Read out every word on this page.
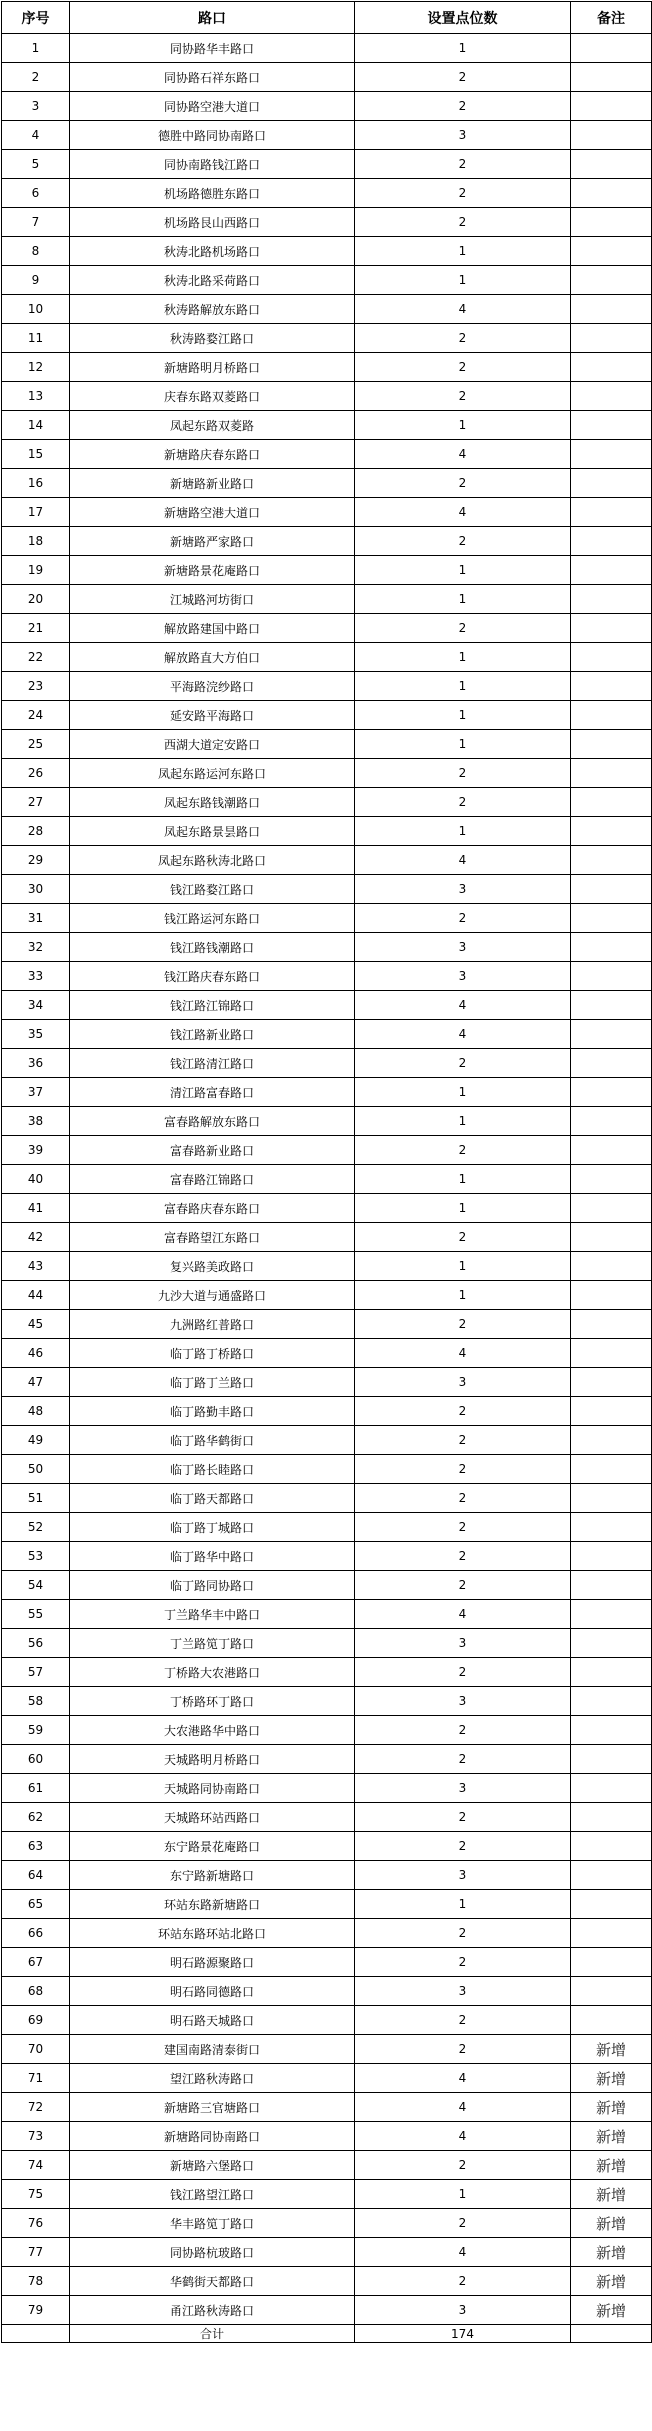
序号	路口	设置点位数	备注
1	同协路华丰路口	1	
2	同协路石祥东路口	2	
3	同协路空港大道口	2	
4	德胜中路同协南路口	3	
5	同协南路钱江路口	2	
6	机场路德胜东路口	2	
7	机场路艮山西路口	2	
8	秋涛北路机场路口	1	
9	秋涛北路采荷路口	1	
10	秋涛路解放东路口	4	
11	秋涛路婺江路口	2	
12	新塘路明月桥路口	2	
13	庆春东路双菱路口	2	
14	凤起东路双菱路	1	
15	新塘路庆春东路口	4	
16	新塘路新业路口	2	
17	新塘路空港大道口	4	
18	新塘路严家路口	2	
19	新塘路景花庵路口	1	
20	江城路河坊街口	1	
21	解放路建国中路口	2	
22	解放路直大方伯口	1	
23	平海路浣纱路口	1	
24	延安路平海路口	1	
25	西湖大道定安路口	1	
26	凤起东路运河东路口	2	
27	凤起东路钱潮路口	2	
28	凤起东路景昙路口	1	
29	凤起东路秋涛北路口	4	
30	钱江路婺江路口	3	
31	钱江路运河东路口	2	
32	钱江路钱潮路口	3	
33	钱江路庆春东路口	3	
34	钱江路江锦路口	4	
35	钱江路新业路口	4	
36	钱江路清江路口	2	
37	清江路富春路口	1	
38	富春路解放东路口	1	
39	富春路新业路口	2	
40	富春路江锦路口	1	
41	富春路庆春东路口	1	
42	富春路望江东路口	2	
43	复兴路美政路口	1	
44	九沙大道与通盛路口	1	
45	九洲路红普路口	2	
46	临丁路丁桥路口	4	
47	临丁路丁兰路口	3	
48	临丁路勤丰路口	2	
49	临丁路华鹤街口	2	
50	临丁路长睦路口	2	
51	临丁路天都路口	2	
52	临丁路丁城路口	2	
53	临丁路华中路口	2	
54	临丁路同协路口	2	
55	丁兰路华丰中路口	4	
56	丁兰路笕丁路口	3	
57	丁桥路大农港路口	2	
58	丁桥路环丁路口	3	
59	大农港路华中路口	2	
60	天城路明月桥路口	2	
61	天城路同协南路口	3	
62	天城路环站西路口	2	
63	东宁路景花庵路口	2	
64	东宁路新塘路口	3	
65	环站东路新塘路口	1	
66	环站东路环站北路口	2	
67	明石路源聚路口	2	
68	明石路同德路口	3	
69	明石路天城路口	2	
70	建国南路清泰街口	2	新增
71	望江路秋涛路口	4	新增
72	新塘路三官塘路口	4	新增
73	新塘路同协南路口	4	新增
74	新塘路六堡路口	2	新增
75	钱江路望江路口	1	新增
76	华丰路笕丁路口	2	新增
77	同协路杭玻路口	4	新增
78	华鹤街天都路口	2	新增
79	甬江路秋涛路口	3	新增
	合计	174	
